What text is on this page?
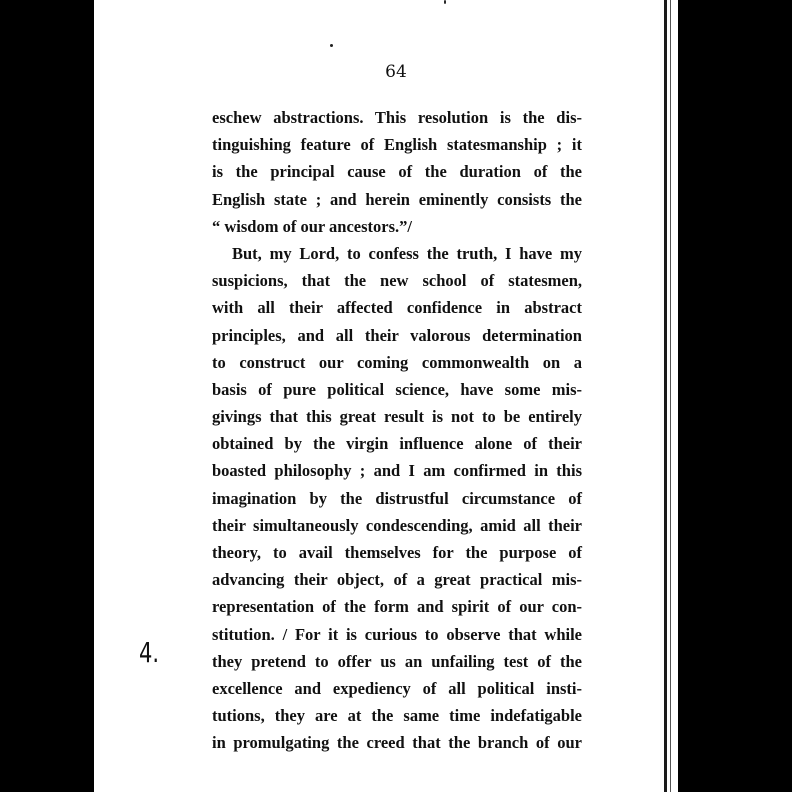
64
eschew abstractions. This resolution is the dis-
tinguishing feature of English statesmanship ; it
is the principal cause of the duration of the
English state ; and herein eminently consists the
“ wisdom of our ancestors.”/
But, my Lord, to confess the truth, I have my
suspicions, that the new school of statesmen,
with all their affected confidence in abstract
principles, and all their valorous determination
to construct our coming commonwealth on a
basis of pure political science, have some mis-
givings that this great result is not to be entirely
obtained by the virgin influence alone of their
boasted philosophy ; and I am confirmed in this
imagination by the distrustful circumstance of
their simultaneously condescending, amid all their
theory, to avail themselves for the purpose of
advancing their object, of a great practical mis-
representation of the form and spirit of our con-
stitution. / For it is curious to observe that while
they pretend to offer us an unfailing test of the
excellence and expediency of all political insti-
tutions, they are at the same time indefatigable
in promulgating the creed that the branch of our
4.
